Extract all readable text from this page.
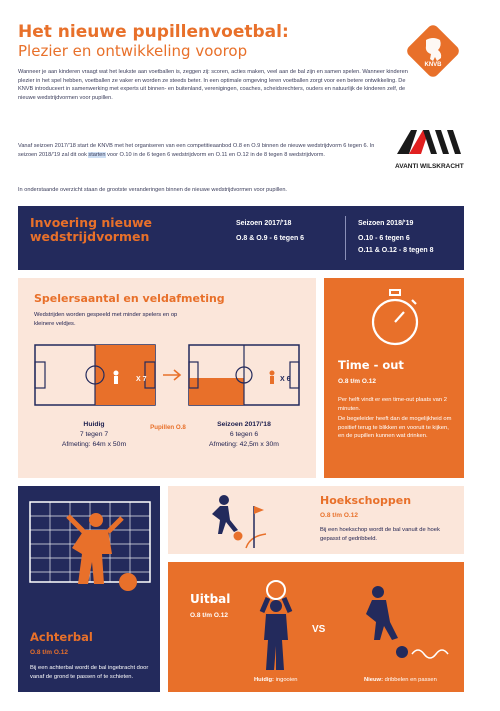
Het nieuwe pupillenvoetbal:
Plezier en ontwikkeling voorop
KNVB
AVANTI WILSKRACHT

Wanneer je aan kinderen vraagt wat het leukste aan voetballen is, zeggen zij: scoren, acties maken, veel aan de bal zijn en samen spelen. Wanneer kinderen plezier in het spel hebben, voetballen ze vaker en worden ze steeds beter. In een optimale omgeving leren voetballen zorgt voor een betere ontwikkeling. De KNVB introduceert in samenwerking met experts uit binnen- en buitenland, verenigingen, coaches, scheidsrechters, ouders en natuurlijk de kinderen zelf, de nieuwe wedstrijdvormen voor pupillen.

Vanaf seizoen 2017/'18 start de KNVB met het organiseren van een competitieaanbod O.8 en O.9 binnen de nieuwe wedstrijdvorm 6 tegen 6. In seizoen 2018/'19 zal dit ook starten voor O.10 in de 6 tegen 6 wedstrijdvorm en O.11 en O.12 in de 8 tegen 8 wedstrijdvorm.

In onderstaande overzicht staan de grootste veranderingen binnen de nieuwe wedstrijdvormen voor pupillen.

Invoering nieuwe
wedstrijdvormen
Seizoen 2017/'18
O.8 & O.9 - 6 tegen 6
Seizoen 2018/'19
O.10 - 6 tegen 6
O.11 & O.12 - 8 tegen 8
Spelersaantal en veldafmeting
Wedstrijden worden gespeeld met minder spelers en op kleinere veldjes.
X 7	X 6
Huidig
7 tegen 7
Afmeting: 64m x 50m
Pupillen O.8	Seizoen 2017/'18
6 tegen 6
Afmeting: 42,5m x 30m
Time - out
O.8 t/m O.12
Per helft vindt er een time-out plaats van 2 minuten.
De begeleider heeft dan de mogelijkheid om positief terug te blikken en vooruit te kijken, en de pupillen kunnen wat drinken.
Achterbal
O.8 t/m O.12
Bij een achterbal wordt de bal ingebracht door vanaf de grond te passen of te schieten.
Hoekschoppen
O.8 t/m O.12
Bij een hoekschop wordt de bal vanuit de hoek gepasst of gedribbeld.
Uitbal
O.8 t/m O.12
VS
Huidig: ingooien	Nieuw: dribbelen en passen
